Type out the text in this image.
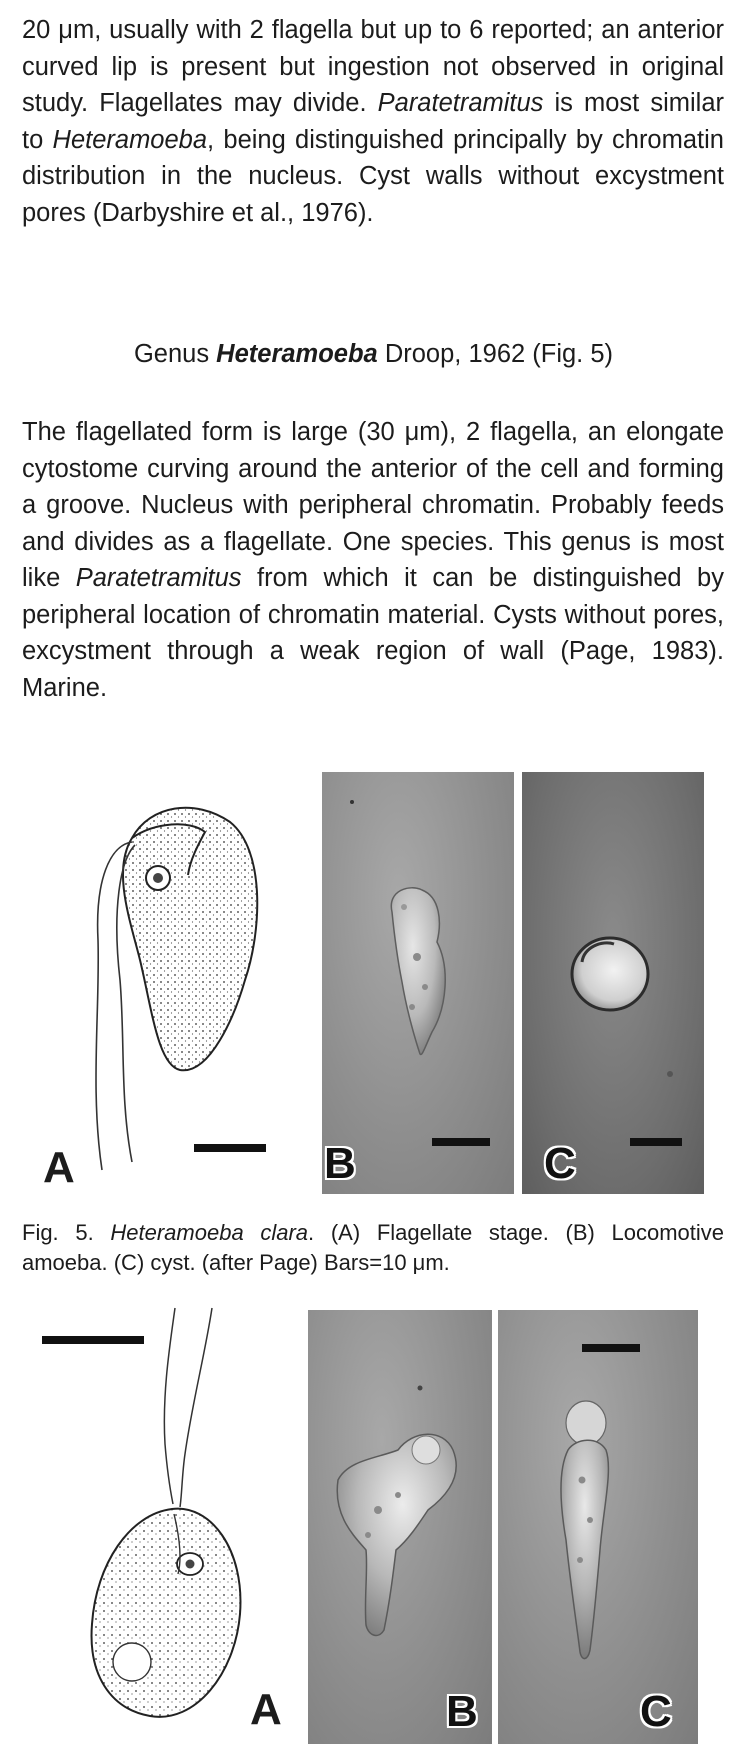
20 μm, usually with 2 flagella but up to 6 reported; an anterior curved lip is present but ingestion not observed in original study. Flagellates may divide. Paratetramitus is most similar to Heteramoeba, being distinguished principally by chromatin distribution in the nucleus. Cyst walls without excystment pores (Darbyshire et al., 1976).

Genus Heteramoeba Droop, 1962 (Fig. 5)

The flagellated form is large (30 μm), 2 flagella, an elongate cytostome curving around the anterior of the cell and forming a groove. Nucleus with peripheral chromatin. Probably feeds and divides as a flagellate. One species. This genus is most like Paratetramitus from which it can be distinguished by peripheral location of chromatin material. Cysts without pores, excystment through a weak region of wall (Page, 1983). Marine.

A	B	C

Fig. 5. Heteramoeba clara. (A) Flagellate stage. (B) Locomotive amoeba. (C) cyst. (after Page) Bars=10 μm.

A	B	C
